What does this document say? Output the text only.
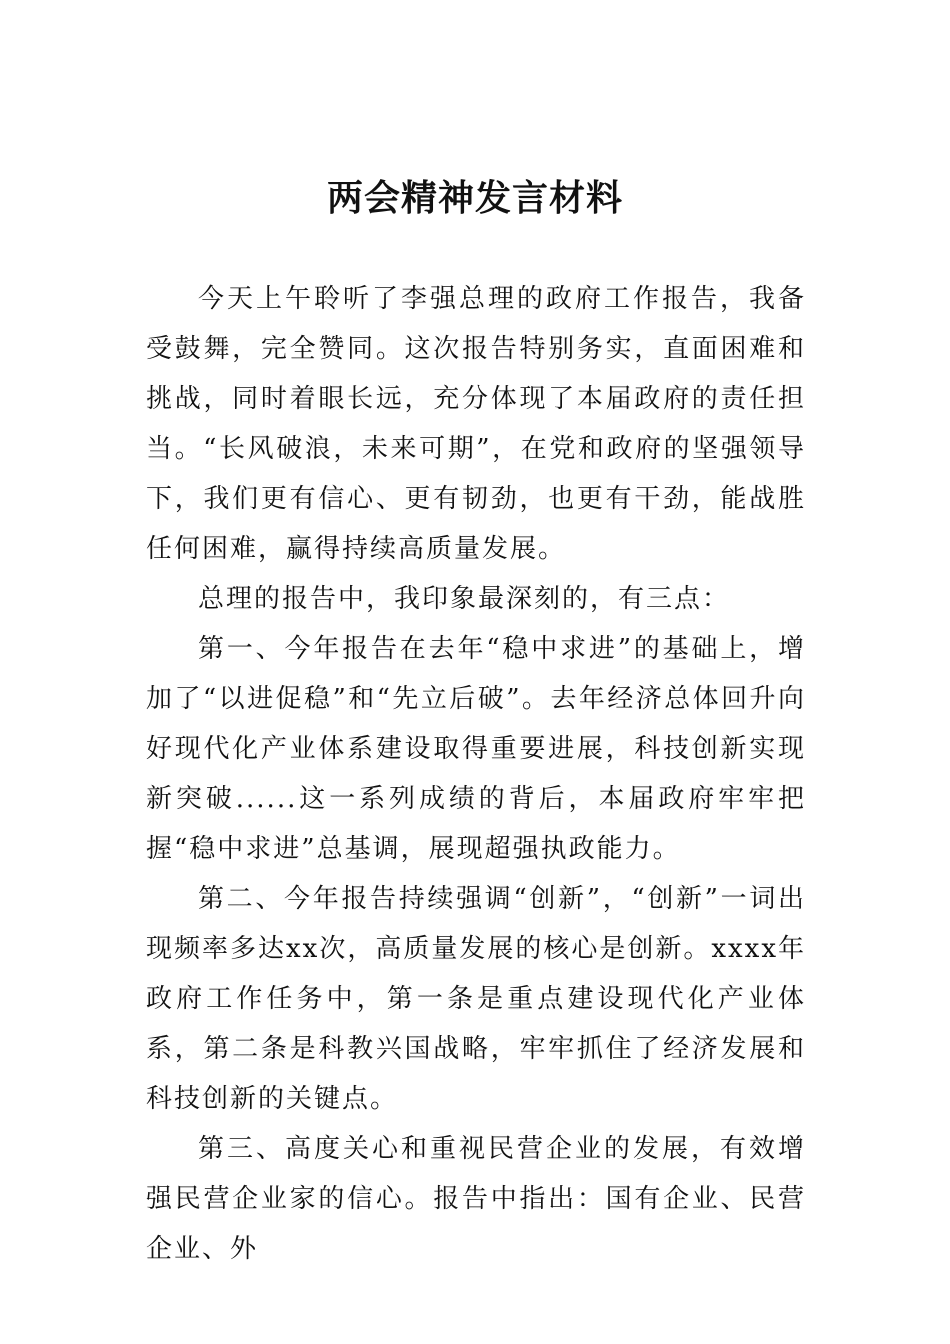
两会精神发言材料

今天上午聆听了李强总理的政府工作报告，我备受鼓舞，完全赞同。这次报告特别务实，直面困难和挑战，同时着眼长远，充分体现了本届政府的责任担当。“长风破浪，未来可期”，在党和政府的坚强领导下，我们更有信心、更有韧劲，也更有干劲，能战胜任何困难，赢得持续高质量发展。

总理的报告中，我印象最深刻的，有三点：

第一、今年报告在去年“稳中求进”的基础上，增加了“以进促稳”和“先立后破”。去年经济总体回升向好现代化产业体系建设取得重要进展，科技创新实现新突破......这一系列成绩的背后，本届政府牢牢把握“稳中求进”总基调，展现超强执政能力。

第二、今年报告持续强调“创新”，“创新”一词出现频率多达xx次，高质量发展的核心是创新。xxxx年政府工作任务中，第一条是重点建设现代化产业体系，第二条是科教兴国战略，牢牢抓住了经济发展和科技创新的关键点。

第三、高度关心和重视民营企业的发展，有效增强民营企业家的信心。报告中指出：国有企业、民营企业、外
